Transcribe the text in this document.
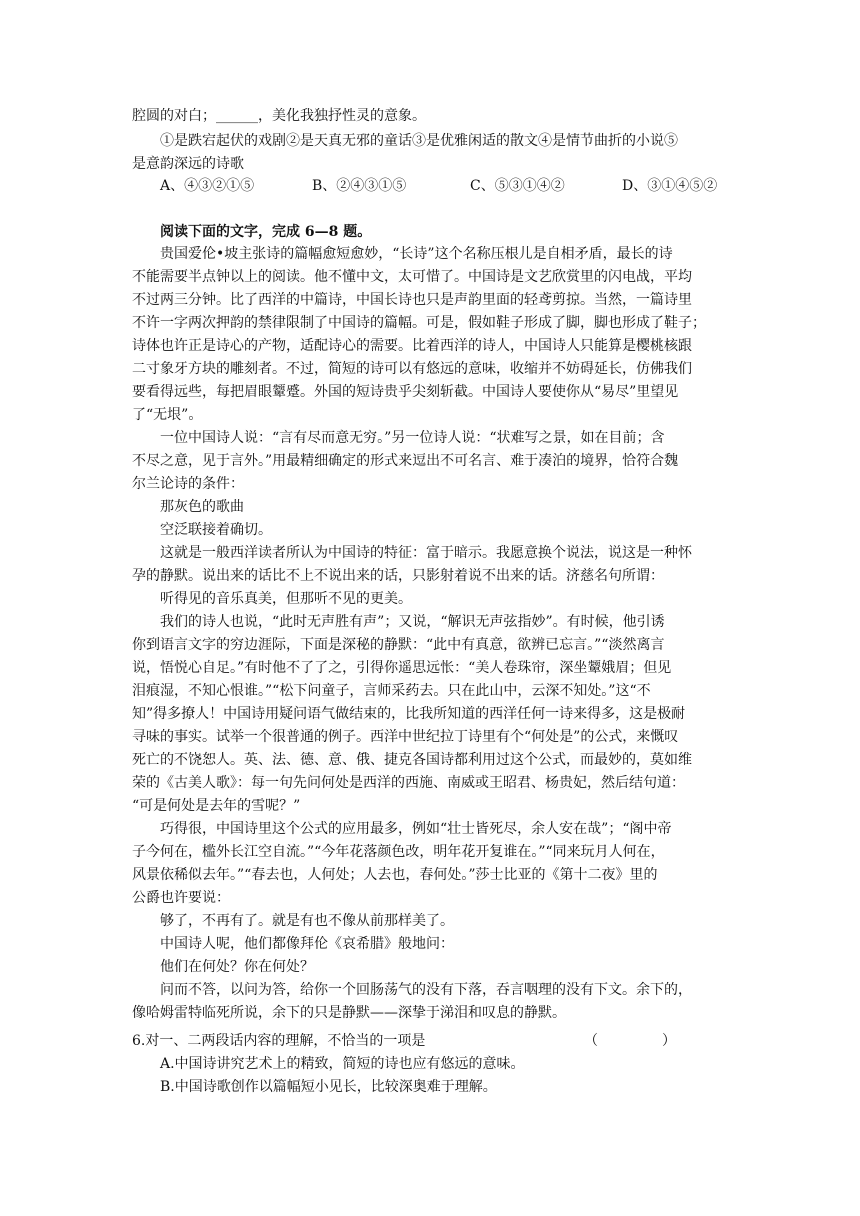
腔圆的对白；______，美化我独抒性灵的意象。
①是跌宕起伏的戏剧②是天真无邪的童话③是优雅闲适的散文④是情节曲折的小说⑤
是意韵深远的诗歌
A、④③②①⑤	B、②④③①⑤	C、⑤③①④②	D、③①④⑤②
阅读下面的文字，完成 6—8 题。
贵国爱伦•坡主张诗的篇幅愈短愈妙，“长诗”这个名称压根儿是自相矛盾，最长的诗
不能需要半点钟以上的阅读。他不懂中文，太可惜了。中国诗是文艺欣赏里的闪电战，平均
不过两三分钟。比了西洋的中篇诗，中国长诗也只是声韵里面的轻鸢剪掠。当然，一篇诗里
不许一字两次押韵的禁律限制了中国诗的篇幅。可是，假如鞋子形成了脚，脚也形成了鞋子；
诗体也许正是诗心的产物，适配诗心的需要。比着西洋的诗人，中国诗人只能算是樱桃核跟
二寸象牙方块的雕刻者。不过，简短的诗可以有悠远的意味，收缩并不妨碍延长，仿佛我们
要看得远些，每把眉眼颦蹙。外国的短诗贵乎尖刻斩截。中国诗人要使你从“易尽”里望见
了“无垠”。
一位中国诗人说：“言有尽而意无穷。”另一位诗人说：“状难写之景，如在目前；含
不尽之意，见于言外。”用最精细确定的形式来逗出不可名言、难于凑泊的境界，恰符合魏
尔兰论诗的条件：
那灰色的歌曲
空泛联接着确切。
这就是一般西洋读者所认为中国诗的特征：富于暗示。我愿意换个说法，说这是一种怀
孕的静默。说出来的话比不上不说出来的话，只影射着说不出来的话。济慈名句所谓：
听得见的音乐真美，但那听不见的更美。
我们的诗人也说，“此时无声胜有声”；又说，“解识无声弦指妙”。有时候，他引诱
你到语言文字的穷边涯际，下面是深秘的静默：“此中有真意，欲辨已忘言。”“淡然离言
说，悟悦心自足。”有时他不了了之，引得你遥思远怅：“美人卷珠帘，深坐颦娥眉；但见
泪痕湿，不知心恨谁。”“松下问童子，言师采药去。只在此山中，云深不知处。”这“不
知”得多撩人！中国诗用疑问语气做结束的，比我所知道的西洋任何一诗来得多，这是极耐
寻味的事实。试举一个很普通的例子。西洋中世纪拉丁诗里有个“何处是”的公式，来慨叹
死亡的不饶恕人。英、法、德、意、俄、捷克各国诗都利用过这个公式，而最妙的，莫如维
荣的《古美人歌》：每一句先问何处是西洋的西施、南威或王昭君、杨贵妃，然后结句道：
“可是何处是去年的雪呢？”
巧得很，中国诗里这个公式的应用最多，例如“壮士皆死尽，余人安在哉”；“阁中帝
子今何在，槛外长江空自流。”“今年花落颜色改，明年花开复谁在。”“同来玩月人何在，
风景依稀似去年。”“春去也，人何处；人去也，春何处。”莎士比亚的《第十二夜》里的
公爵也许要说：
够了，不再有了。就是有也不像从前那样美了。
中国诗人呢，他们都像拜伦《哀希腊》般地问：
他们在何处？你在何处？
问而不答，以问为答，给你一个回肠荡气的没有下落，吞言咽理的没有下文。余下的，
像哈姆雷特临死所说，余下的只是静默——深挚于涕泪和叹息的静默。
6.对一、二两段话内容的理解，不恰当的一项是	（	）
A.中国诗讲究艺术上的精致，简短的诗也应有悠远的意味。
B.中国诗歌创作以篇幅短小见长，比较深奥难于理解。
